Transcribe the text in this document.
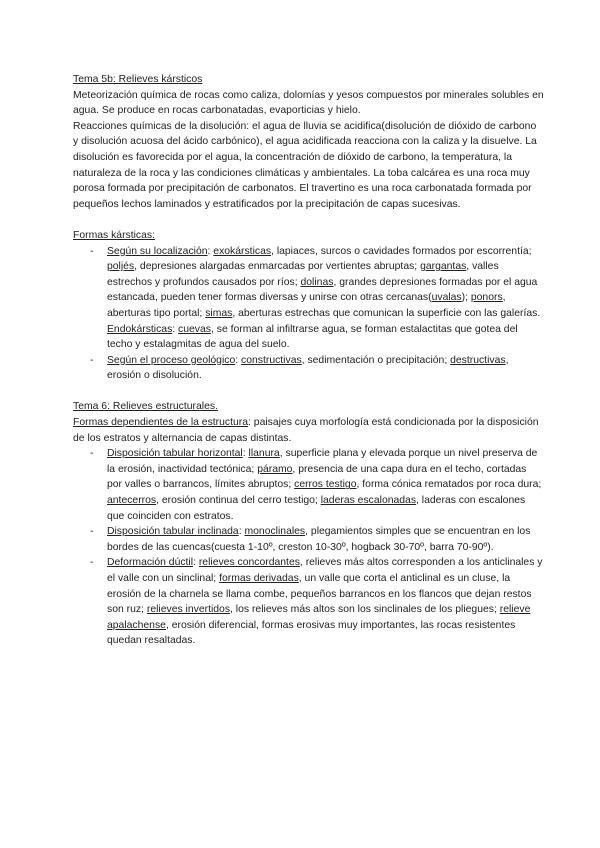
Tema 5b: Relieves kársticos

Meteorización química de rocas como caliza, dolomías y yesos compuestos por minerales solubles en agua. Se produce en rocas carbonatadas, evaporticias y hielo.

Reacciones químicas de la disolución: el agua de lluvia se acidifica(disolución de dióxido de carbono y disolución acuosa del ácido carbónico), el agua acidificada reacciona con la caliza y la disuelve. La disolución es favorecida por el agua, la concentración de dióxido de carbono, la temperatura, la naturaleza de la roca y las condiciones climáticas y ambientales. La toba calcárea es una roca muy porosa formada por precipitación de carbonatos. El travertino es una roca carbonatada formada por pequeños lechos laminados y estratificados por la precipitación de capas sucesivas.

Formas kársticas:

- Según su localización: exokársticas, lapiaces, surcos o cavidades formados por escorrentía; poljés, depresiones alargadas enmarcadas por vertientes abruptas; gargantas, valles estrechos y profundos causados por ríos; dolinas, grandes depresiones formadas por el agua estancada, pueden tener formas diversas y unirse con otras cercanas(uvalas); ponors, aberturas tipo portal; simas, aberturas estrechas que comunican la superficie con las galerías. Endokársticas: cuevas, se forman al infiltrarse agua, se forman estalactitas que gotea del techo y estalagmitas de agua del suelo.
- Según el proceso geológico: constructivas, sedimentación o precipitación; destructivas, erosión o disolución.

Tema 6: Relieves estructurales.

Formas dependientes de la estructura: paisajes cuya morfología está condicionada por la disposición de los estratos y alternancia de capas distintas.

- Disposición tabular horizontal: llanura, superficie plana y elevada porque un nivel preserva de la erosión, inactividad tectónica; páramo, presencia de una capa dura en el techo, cortadas por valles o barrancos, límites abruptos; cerros testigo, forma cónica rematados por roca dura; antecerros, erosión continua del cerro testigo; laderas escalonadas, laderas con escalones que coinciden con estratos.
- Disposición tabular inclinada: monoclinales, plegamientos simples que se encuentran en los bordes de las cuencas(cuesta 1-10º, creston 10-30º, hogback 30-70º, barra 70-90º).
- Deformación dúctil: relieves concordantes, relieves más altos corresponden a los anticlinales y el valle con un sinclinal; formas derivadas, un valle que corta el anticlinal es un cluse, la erosión de la charnela se llama combe, pequeños barrancos en los flancos que dejan restos son ruz; relieves invertidos, los relieves más altos son los sinclinales de los pliegues; relieve apalachense, erosión diferencial, formas erosivas muy importantes, las rocas resistentes quedan resaltadas.
